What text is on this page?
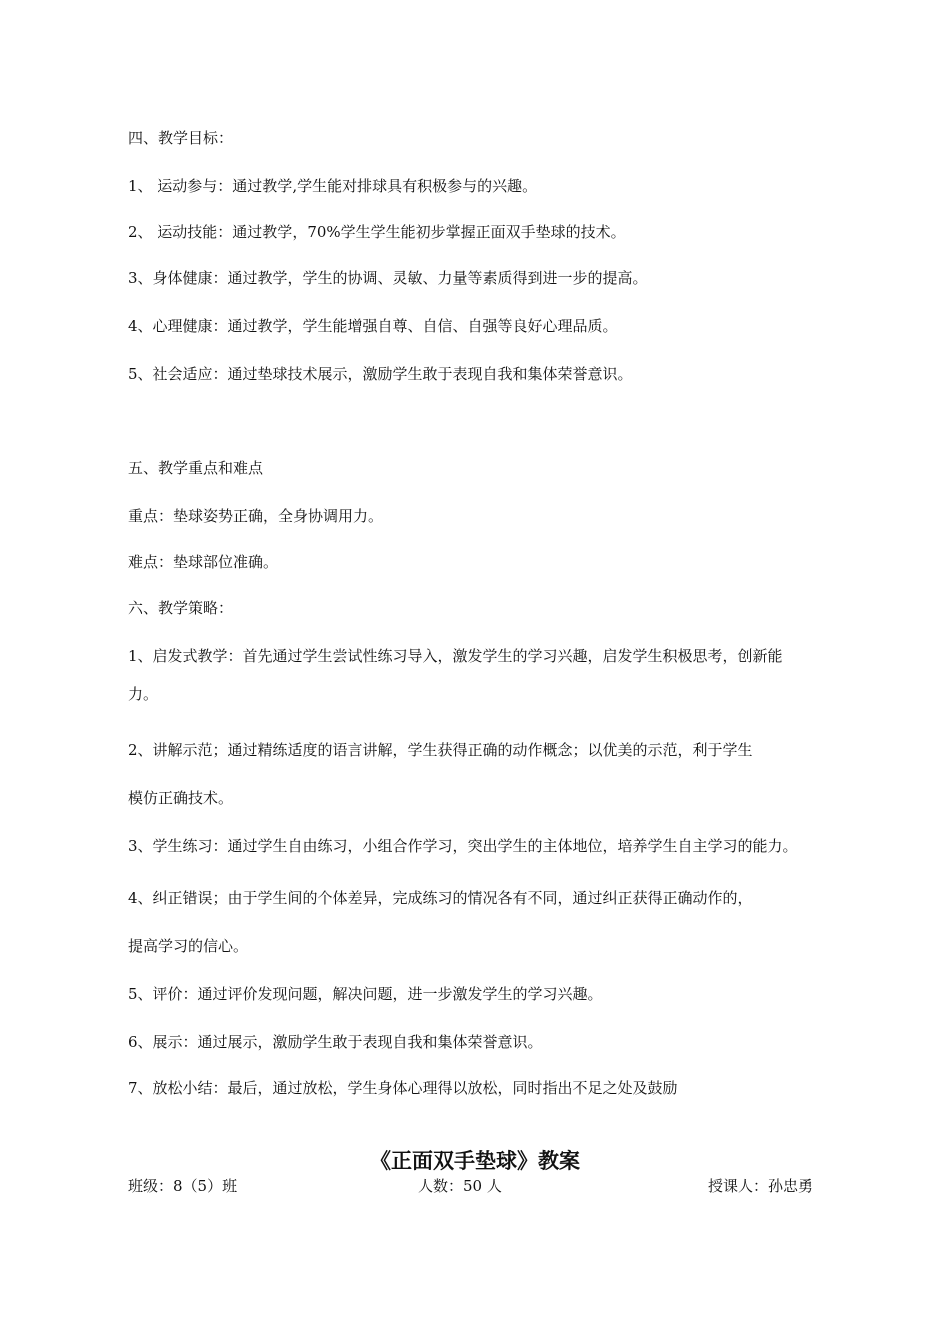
四、教学目标：
1、 运动参与：通过教学,学生能对排球具有积极参与的兴趣。
2、 运动技能：通过教学，70%学生学生能初步掌握正面双手垫球的技术。
3、身体健康：通过教学，学生的协调、灵敏、力量等素质得到进一步的提高。
4、心理健康：通过教学，学生能增强自尊、自信、自强等良好心理品质。
5、社会适应：通过垫球技术展示，激励学生敢于表现自我和集体荣誉意识。
五、教学重点和难点
重点：垫球姿势正确，全身协调用力。
难点：垫球部位准确。
六、教学策略：
1、启发式教学：首先通过学生尝试性练习导入，激发学生的学习兴趣，启发学生积极思考，创新能
力。
2、讲解示范；通过精练适度的语言讲解，学生获得正确的动作概念；以优美的示范，利于学生
模仿正确技术。
3、学生练习：通过学生自由练习，小组合作学习，突出学生的主体地位，培养学生自主学习的能力。
4、纠正错误；由于学生间的个体差异，完成练习的情况各有不同，通过纠正获得正确动作的，
提高学习的信心。
5、评价：通过评价发现问题，解决问题，进一步激发学生的学习兴趣。
6、展示：通过展示，激励学生敢于表现自我和集体荣誉意识。
7、放松小结：最后，通过放松，学生身体心理得以放松，同时指出不足之处及鼓励
《正面双手垫球》教案
班级：8（5）班	人数：50 人	授课人：孙忠勇
